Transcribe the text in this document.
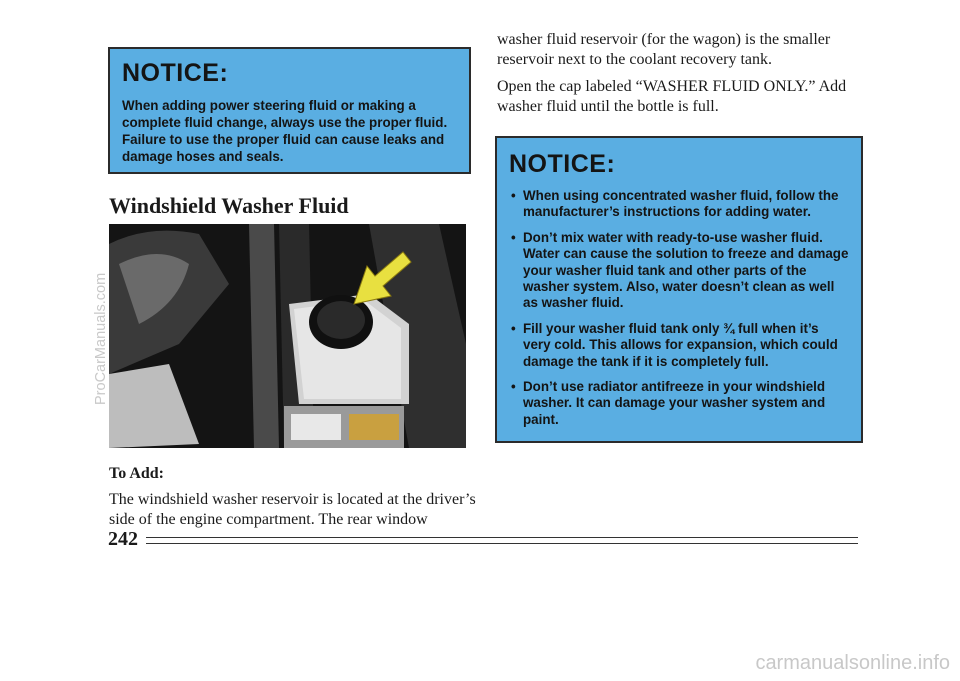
NOTICE:
When adding power steering fluid or making a complete fluid change, always use the proper fluid. Failure to use the proper fluid can cause leaks and damage hoses and seals.
Windshield Washer Fluid
To Add:
The windshield washer reservoir is located at the driver’s side of the engine compartment. The rear window
washer fluid reservoir (for the wagon) is the smaller reservoir next to the coolant recovery tank.
Open the cap labeled “WASHER FLUID ONLY.” Add washer fluid until the bottle is full.
NOTICE:
• When using concentrated washer fluid, follow the manufacturer’s instructions for adding water.
• Don’t mix water with ready-to-use washer fluid. Water can cause the solution to freeze and damage your washer fluid tank and other parts of the washer system. Also, water doesn’t clean as well as washer fluid.
• Fill your washer fluid tank only ¾ full when it’s very cold. This allows for expansion, which could damage the tank if it is completely full.
• Don’t use radiator antifreeze in your windshield washer. It can damage your washer system and paint.
242
ProCarManuals.com
carmanualsonline.info
